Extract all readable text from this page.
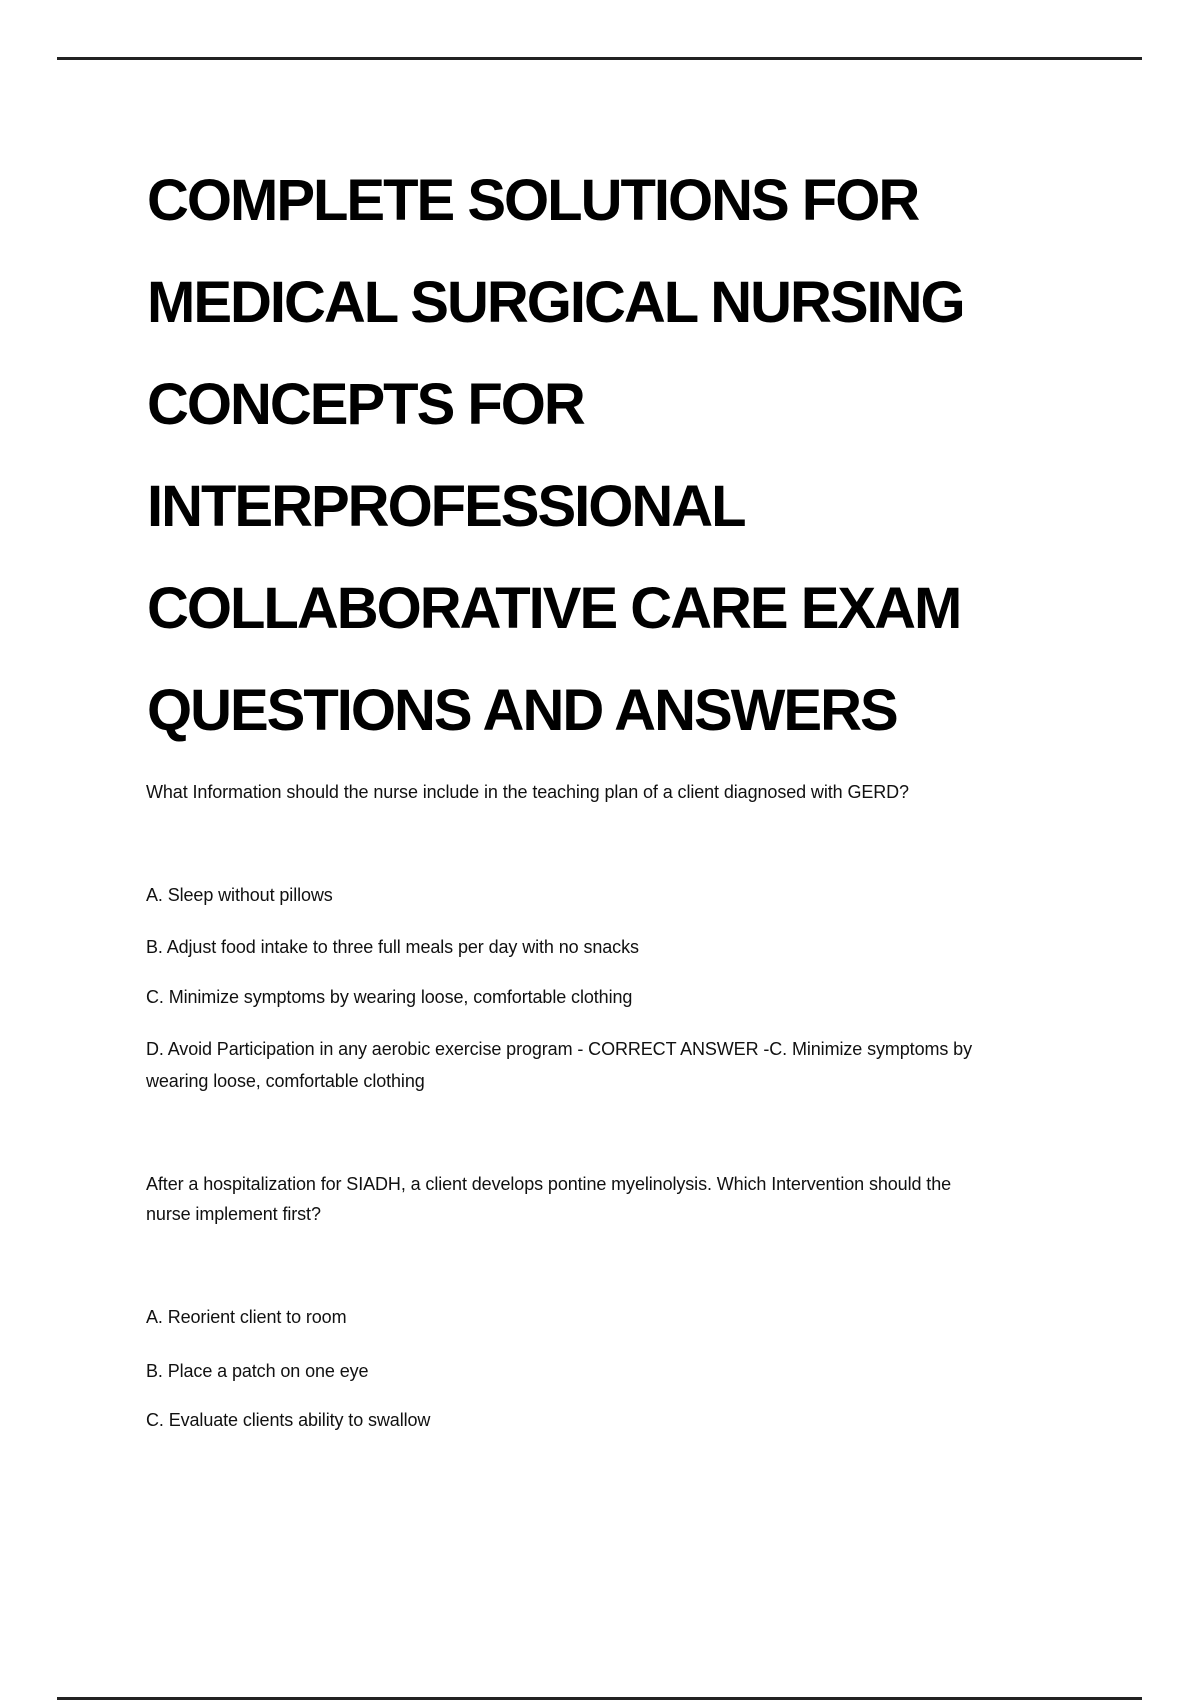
COMPLETE SOLUTIONS FOR
MEDICAL SURGICAL NURSING
CONCEPTS FOR
INTERPROFESSIONAL
COLLABORATIVE CARE EXAM
QUESTIONS AND ANSWERS
What Information should the nurse include in the teaching plan of a client diagnosed with GERD?
A. Sleep without pillows
B. Adjust food intake to three full meals per day with no snacks
C. Minimize symptoms by wearing loose, comfortable clothing
D. Avoid Participation in any aerobic exercise program - CORRECT ANSWER -C. Minimize symptoms by
wearing loose, comfortable clothing
After a hospitalization for SIADH, a client develops pontine myelinolysis. Which Intervention should the
nurse implement first?
A. Reorient client to room
B. Place a patch on one eye
C. Evaluate clients ability to swallow
